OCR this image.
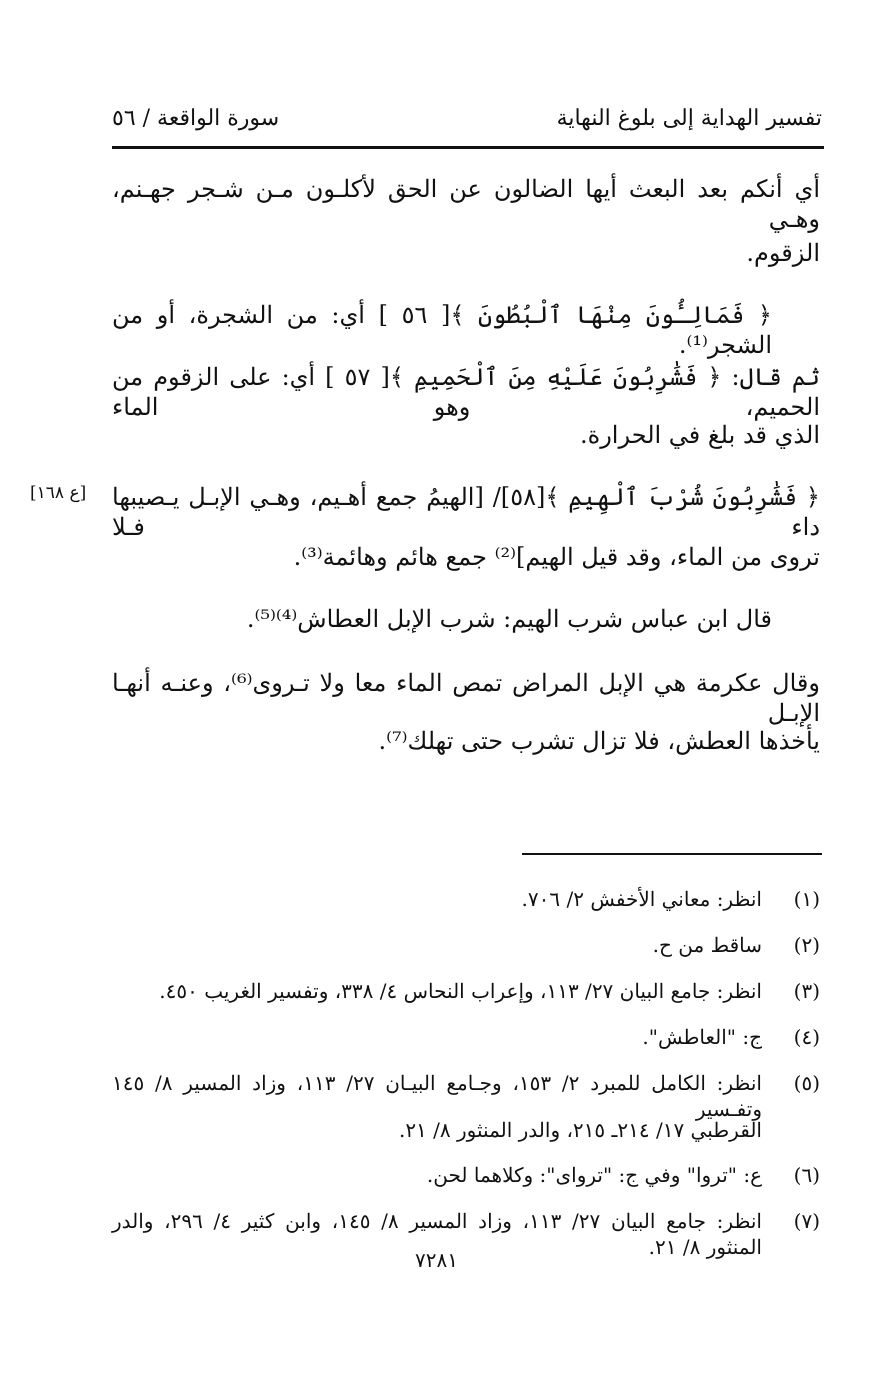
تفسير الهداية إلى بلوغ النهاية
سورة الواقعة / ٥٦
أي أنكم بعد البعث أيها الضالون عن الحق لأكلـون مـن شـجر جهـنم، وهـي
الزقوم.
﴿ فَمَالِـُٔونَ مِنْهَا ٱلْبُطُونَ ﴾[ ٥٦ ] أي: من الشجرة، أو من الشجر⁽¹⁾.
ثم قال: ﴿ فَشَٰرِبُونَ عَلَيْهِ مِنَ ٱلْحَمِيمِ ﴾[ ٥٧ ] أي: على الزقوم من الحميم، وهو الماء
الذي قد بلغ في الحرارة.
﴿ فَشَٰرِبُونَ شُرْبَ ٱلْهِيمِ ﴾[٥٨]/ [الهيمُ جمع أهـيم، وهـي الإبـل يـصيبها داء فـلا
تروى من الماء، وقد قيل الهيم]⁽²⁾ جمع هائم وهائمة⁽³⁾.
قال ابن عباس شرب الهيم: شرب الإبل العطاش⁽⁴⁾⁽⁵⁾.
وقال عكرمة هي الإبل المراض تمص الماء معا ولا تـروى⁽⁶⁾، وعنـه أنهـا الإبـل
يأخذها العطش، فلا تزال تشرب حتى تهلك⁽⁷⁾.
[ع ١٦٨]
(١)
انظر: معاني الأخفش ٢/ ٧٠٦.
(٢)
ساقط من ح.
(٣)
انظر: جامع البيان ٢٧/ ١١٣، وإعراب النحاس ٤/ ٣٣٨، وتفسير الغريب ٤٥٠.
(٤)
ج: "العاطش".
(٥)
انظر: الكامل للمبرد ٢/ ١٥٣، وجـامع البيـان ٢٧/ ١١٣، وزاد المسير ٨/ ١٤٥ وتفـسير
القرطبي ١٧/ ٢١٤ـ ٢١٥، والدر المنثور ٨/ ٢١.
(٦)
ع: "تروا" وفي ج: "ترواى": وكلاهما لحن.
(٧)
انظر: جامع البيان ٢٧/ ١١٣، وزاد المسير ٨/ ١٤٥، وابن كثير ٤/ ٢٩٦، والدر المنثور ٨/ ٢١.
٧٢٨١
